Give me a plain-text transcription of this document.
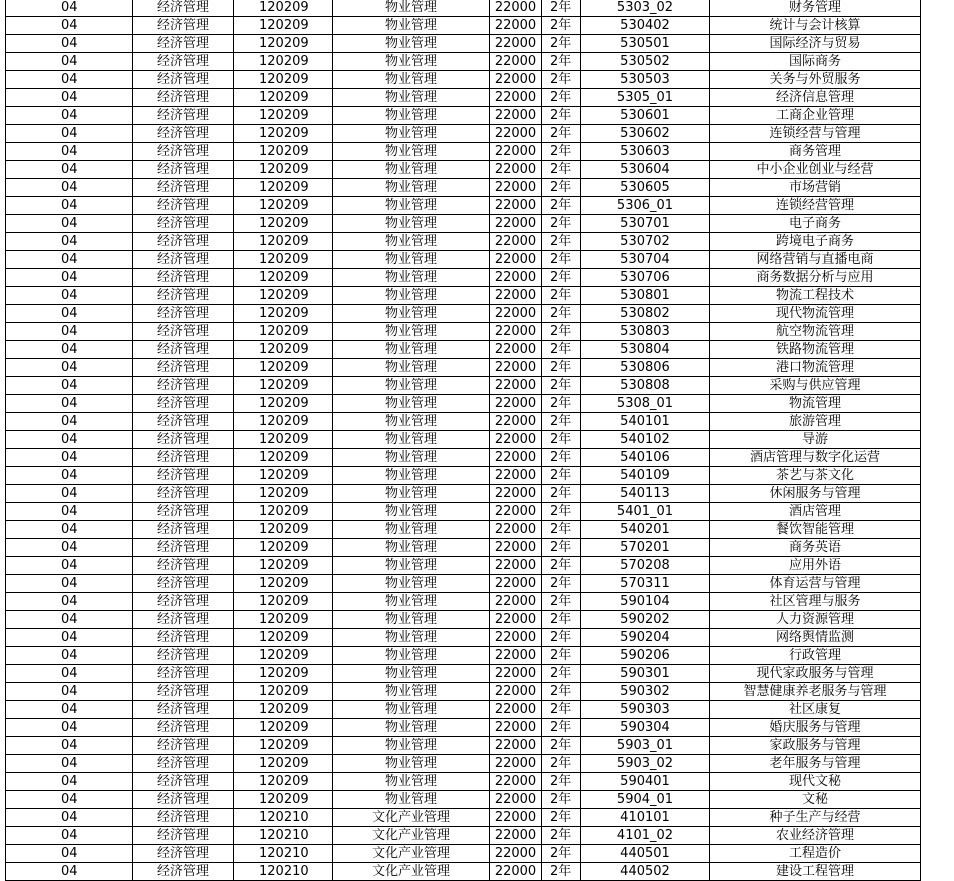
04	经济管理	120209	物业管理	22000	2年	5303_02	财务管理
04	经济管理	120209	物业管理	22000	2年	530402	统计与会计核算
04	经济管理	120209	物业管理	22000	2年	530501	国际经济与贸易
04	经济管理	120209	物业管理	22000	2年	530502	国际商务
04	经济管理	120209	物业管理	22000	2年	530503	关务与外贸服务
04	经济管理	120209	物业管理	22000	2年	5305_01	经济信息管理
04	经济管理	120209	物业管理	22000	2年	530601	工商企业管理
04	经济管理	120209	物业管理	22000	2年	530602	连锁经营与管理
04	经济管理	120209	物业管理	22000	2年	530603	商务管理
04	经济管理	120209	物业管理	22000	2年	530604	中小企业创业与经营
04	经济管理	120209	物业管理	22000	2年	530605	市场营销
04	经济管理	120209	物业管理	22000	2年	5306_01	连锁经营管理
04	经济管理	120209	物业管理	22000	2年	530701	电子商务
04	经济管理	120209	物业管理	22000	2年	530702	跨境电子商务
04	经济管理	120209	物业管理	22000	2年	530704	网络营销与直播电商
04	经济管理	120209	物业管理	22000	2年	530706	商务数据分析与应用
04	经济管理	120209	物业管理	22000	2年	530801	物流工程技术
04	经济管理	120209	物业管理	22000	2年	530802	现代物流管理
04	经济管理	120209	物业管理	22000	2年	530803	航空物流管理
04	经济管理	120209	物业管理	22000	2年	530804	铁路物流管理
04	经济管理	120209	物业管理	22000	2年	530806	港口物流管理
04	经济管理	120209	物业管理	22000	2年	530808	采购与供应管理
04	经济管理	120209	物业管理	22000	2年	5308_01	物流管理
04	经济管理	120209	物业管理	22000	2年	540101	旅游管理
04	经济管理	120209	物业管理	22000	2年	540102	导游
04	经济管理	120209	物业管理	22000	2年	540106	酒店管理与数字化运营
04	经济管理	120209	物业管理	22000	2年	540109	茶艺与茶文化
04	经济管理	120209	物业管理	22000	2年	540113	休闲服务与管理
04	经济管理	120209	物业管理	22000	2年	5401_01	酒店管理
04	经济管理	120209	物业管理	22000	2年	540201	餐饮智能管理
04	经济管理	120209	物业管理	22000	2年	570201	商务英语
04	经济管理	120209	物业管理	22000	2年	570208	应用外语
04	经济管理	120209	物业管理	22000	2年	570311	体育运营与管理
04	经济管理	120209	物业管理	22000	2年	590104	社区管理与服务
04	经济管理	120209	物业管理	22000	2年	590202	人力资源管理
04	经济管理	120209	物业管理	22000	2年	590204	网络舆情监测
04	经济管理	120209	物业管理	22000	2年	590206	行政管理
04	经济管理	120209	物业管理	22000	2年	590301	现代家政服务与管理
04	经济管理	120209	物业管理	22000	2年	590302	智慧健康养老服务与管理
04	经济管理	120209	物业管理	22000	2年	590303	社区康复
04	经济管理	120209	物业管理	22000	2年	590304	婚庆服务与管理
04	经济管理	120209	物业管理	22000	2年	5903_01	家政服务与管理
04	经济管理	120209	物业管理	22000	2年	5903_02	老年服务与管理
04	经济管理	120209	物业管理	22000	2年	590401	现代文秘
04	经济管理	120209	物业管理	22000	2年	5904_01	文秘
04	经济管理	120210	文化产业管理	22000	2年	410101	种子生产与经营
04	经济管理	120210	文化产业管理	22000	2年	4101_02	农业经济管理
04	经济管理	120210	文化产业管理	22000	2年	440501	工程造价
04	经济管理	120210	文化产业管理	22000	2年	440502	建设工程管理
